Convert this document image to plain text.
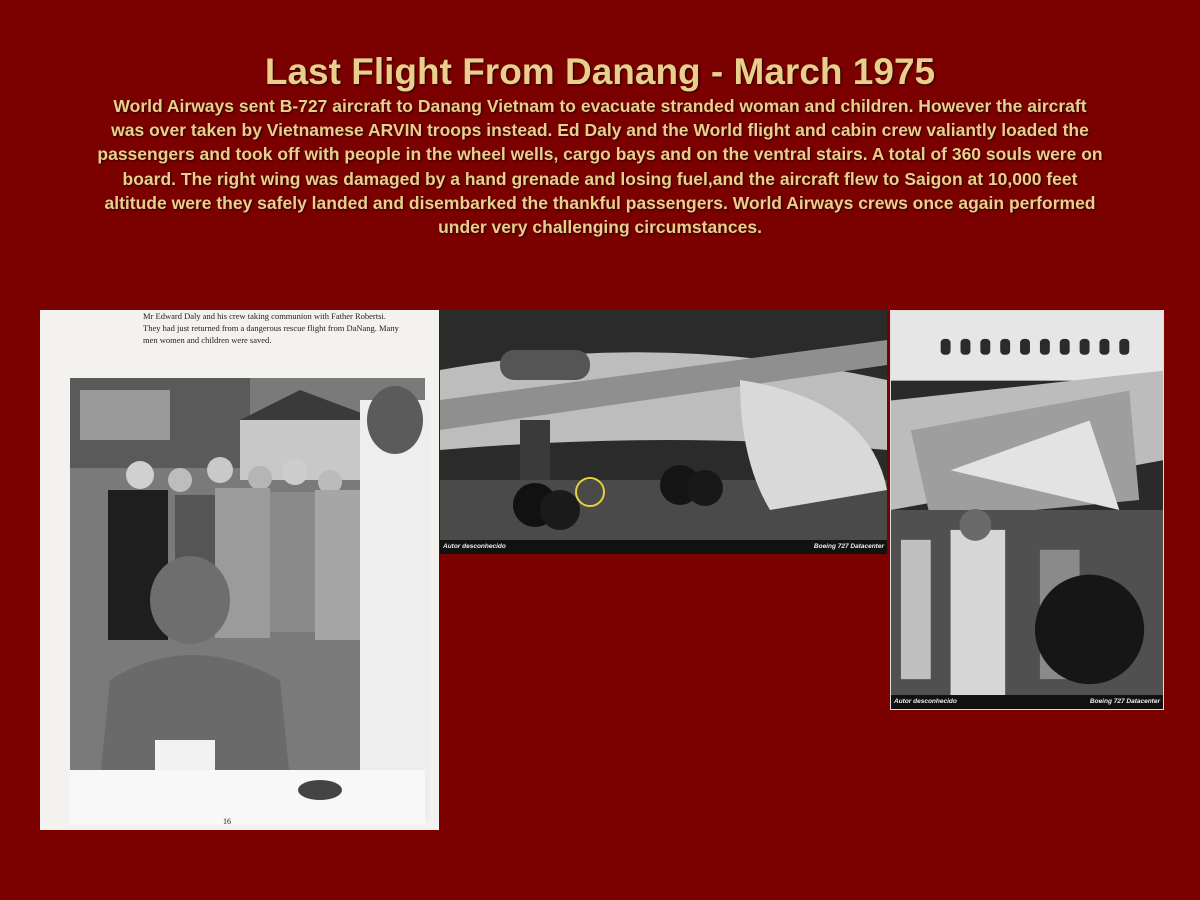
Last Flight From Danang - March 1975
World Airways sent B-727 aircraft to Danang Vietnam to evacuate stranded woman and children. However the aircraft was over taken by Vietnamese ARVIN troops instead. Ed Daly and the World flight and cabin crew valiantly loaded the passengers and took off with people in the wheel wells, cargo bays and on the ventral stairs. A total of 360 souls were on board. The right wing was damaged by a hand grenade and losing fuel,and the aircraft flew to Saigon at 10,000 feet altitude were they safely landed and disembarked the thankful passengers. World Airways crews once again performed under very challenging circumstances.
Mr Edward Daly and his crew taking communion with Father Robertsi. They had just returned from a dangerous rescue flight from DaNang. Many men women and children were saved.
16
Autor desconhecido	Boeing 727 Datacenter
Autor desconhecido	Boeing 727 Datacenter
